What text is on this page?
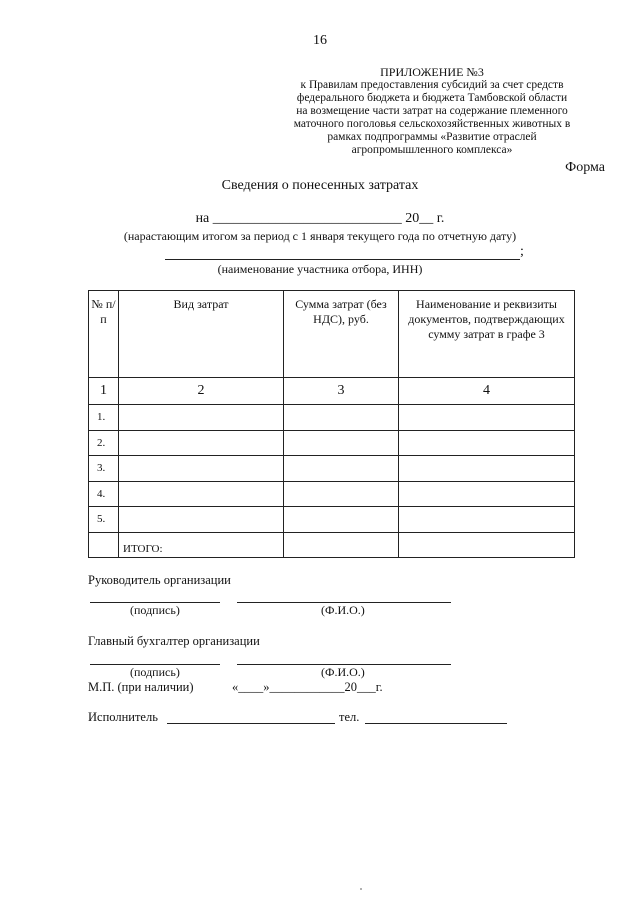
16
ПРИЛОЖЕНИЕ №3
к Правилам предоставления субсидий за счет средств
федерального бюджета и бюджета Тамбовской области
на возмещение части затрат на содержание племенного
маточного поголовья сельскохозяйственных животных в
рамках подпрограммы «Развитие отраслей
агропромышленного комплекса»
Форма
Сведения о понесенных затратах
на ___________________________ 20__ г.
(нарастающим итогом за период с 1 января текущего года по отчетную дату)
;
(наименование участника отбора, ИНН)
№ п/п	Вид затрат	Сумма затрат (без НДС), руб.	Наименование и реквизиты документов, подтверждающих сумму затрат в графе 3
1	2	3	4
1.			
2.			
3.			
4.			
5.			
	ИТОГО:		
Руководитель организации
(подпись)	(Ф.И.О.)
Главный бухгалтер организации
(подпись)	(Ф.И.О.)
М.П. (при наличии)	«____»____________20___г.
Исполнитель	тел.
